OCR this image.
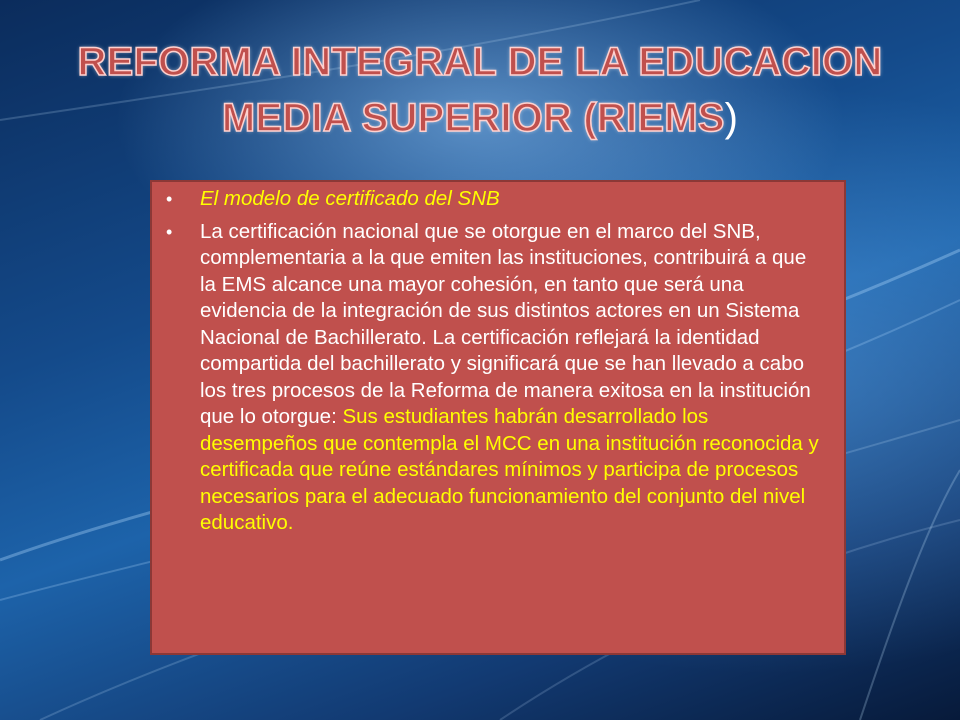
REFORMA INTEGRAL DE LA EDUCACION MEDIA SUPERIOR (RIEMS)
• El modelo de certificado del SNB
• La certificación nacional que se otorgue en el marco del SNB, complementaria a la que emiten las instituciones, contribuirá a que la EMS alcance una mayor cohesión, en tanto que será una evidencia de la integración de sus distintos actores en un Sistema Nacional de Bachillerato. La certificación reflejará la identidad compartida del bachillerato y significará que se han llevado a cabo los tres procesos de la Reforma de manera exitosa en la institución que lo otorgue: Sus estudiantes habrán desarrollado los desempeños que contempla el MCC en una institución reconocida y certificada que reúne estándares mínimos y participa de procesos necesarios para el adecuado funcionamiento del conjunto del nivel educativo.
